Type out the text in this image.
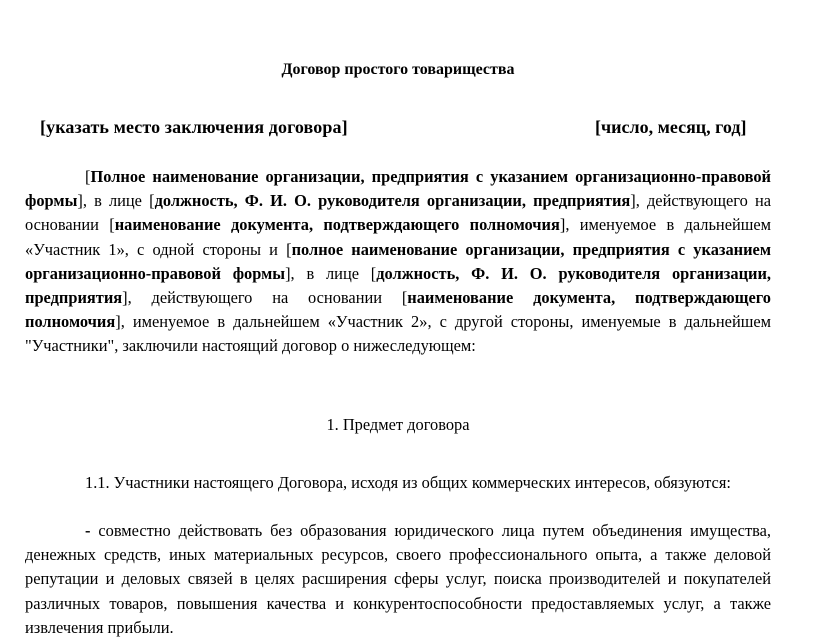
Договор простого товарищества
[указать место заключения договора]	[число, месяц, год]

[Полное наименование организации, предприятия с указанием организационно-правовой формы], в лице [должность, Ф. И. О. руководителя организации, предприятия], действующего на основании [наименование документа, подтверждающего полномочия], именуемое в дальнейшем «Участник 1», с одной стороны и [полное наименование организации, предприятия с указанием организационно-правовой формы], в лице [должность, Ф. И. О. руководителя организации, предприятия], действующего на основании [наименование документа, подтверждающего полномочия], именуемое в дальнейшем «Участник 2», с другой стороны, именуемые в дальнейшем "Участники", заключили настоящий договор о нижеследующем:

1. Предмет договора

1.1. Участники настоящего Договора, исходя из общих коммерческих интересов, обязуются:

- совместно действовать без образования юридического лица путем объединения имущества, денежных средств, иных материальных ресурсов, своего профессионального опыта, а также деловой репутации и деловых связей в целях расширения сферы услуг, поиска производителей и покупателей различных товаров, повышения качества и конкурентоспособности предоставляемых услуг, а также извлечения прибыли.
